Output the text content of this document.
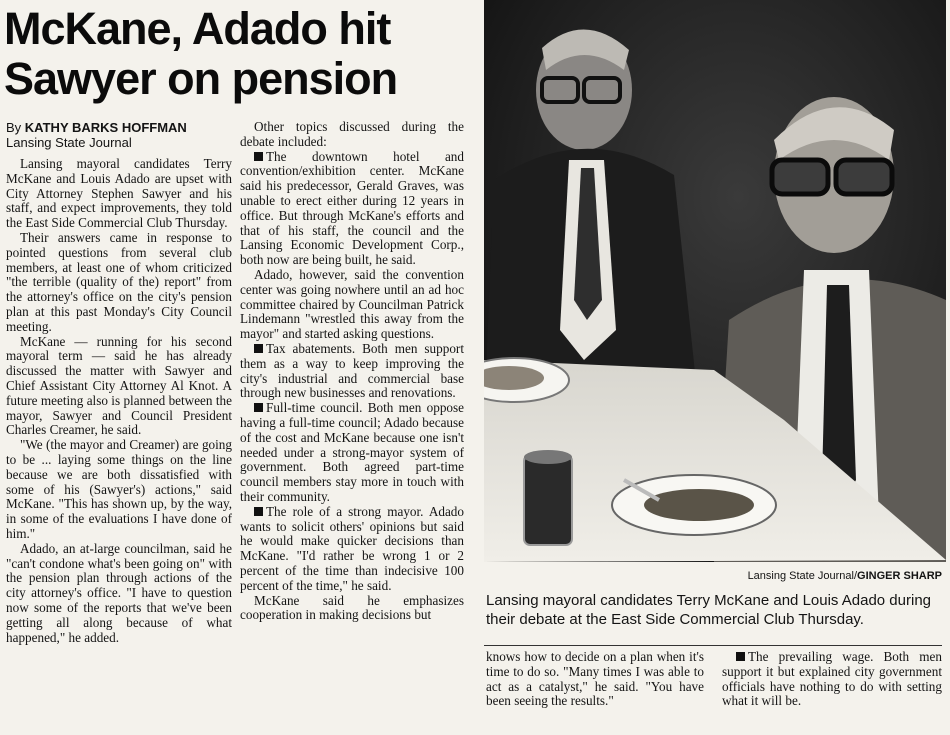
McKane, Adado hit
Sawyer on pension
By KATHY BARKS HOFFMAN
Lansing State Journal

Lansing mayoral candidates Terry McKane and Louis Adado are upset with City Attorney Stephen Sawyer and his staff, and expect improvements, they told the East Side Commercial Club Thursday.

Their answers came in response to pointed questions from several club members, at least one of whom criticized "the terrible (quality of the) report" from the attorney's office on the city's pension plan at this past Monday's City Council meeting.

McKane — running for his second mayoral term — said he has already discussed the matter with Sawyer and Chief Assistant City Attorney Al Knot. A future meeting also is planned between the mayor, Sawyer and Council President Charles Creamer, he said.

"We (the mayor and Creamer) are going to be ... laying some things on the line because we are both dissatisfied with some of his (Sawyer's) actions," said McKane. "This has shown up, by the way, in some of the evaluations I have done of him."

Adado, an at-large councilman, said he "can't condone what's been going on" with the pension plan through actions of the city attorney's office. "I have to question now some of the reports that we've been getting all along because of what happened," he added.

Other topics discussed during the debate included:

The downtown hotel and convention/exhibition center. McKane said his predecessor, Gerald Graves, was unable to erect either during 12 years in office. But through McKane's efforts and that of his staff, the council and the Lansing Economic Development Corp., both now are being built, he said.

Adado, however, said the convention center was going nowhere until an ad hoc committee chaired by Councilman Patrick Lindemann "wrestled this away from the mayor" and started asking questions.

Tax abatements. Both men support them as a way to keep improving the city's industrial and commercial base through new businesses and renovations.

Full-time council. Both men oppose having a full-time council; Adado because of the cost and McKane because one isn't needed under a strong-mayor system of government. Both agreed part-time council members stay more in touch with their community.

The role of a strong mayor. Adado wants to solicit others' opinions but said he would make quicker decisions than McKane. "I'd rather be wrong 1 or 2 percent of the time than indecisive 100 percent of the time," he said.

McKane said he emphasizes cooperation in making decisions but

Lansing State Journal/GINGER SHARP
Lansing mayoral candidates Terry McKane and Louis Adado during their debate at the East Side Commercial Club Thursday.

knows how to decide on a plan when it's time to do so. "Many times I was able to act as a catalyst," he said. "You have been seeing the results."

The prevailing wage. Both men support it but explained city government officials have nothing to do with setting what it will be.
